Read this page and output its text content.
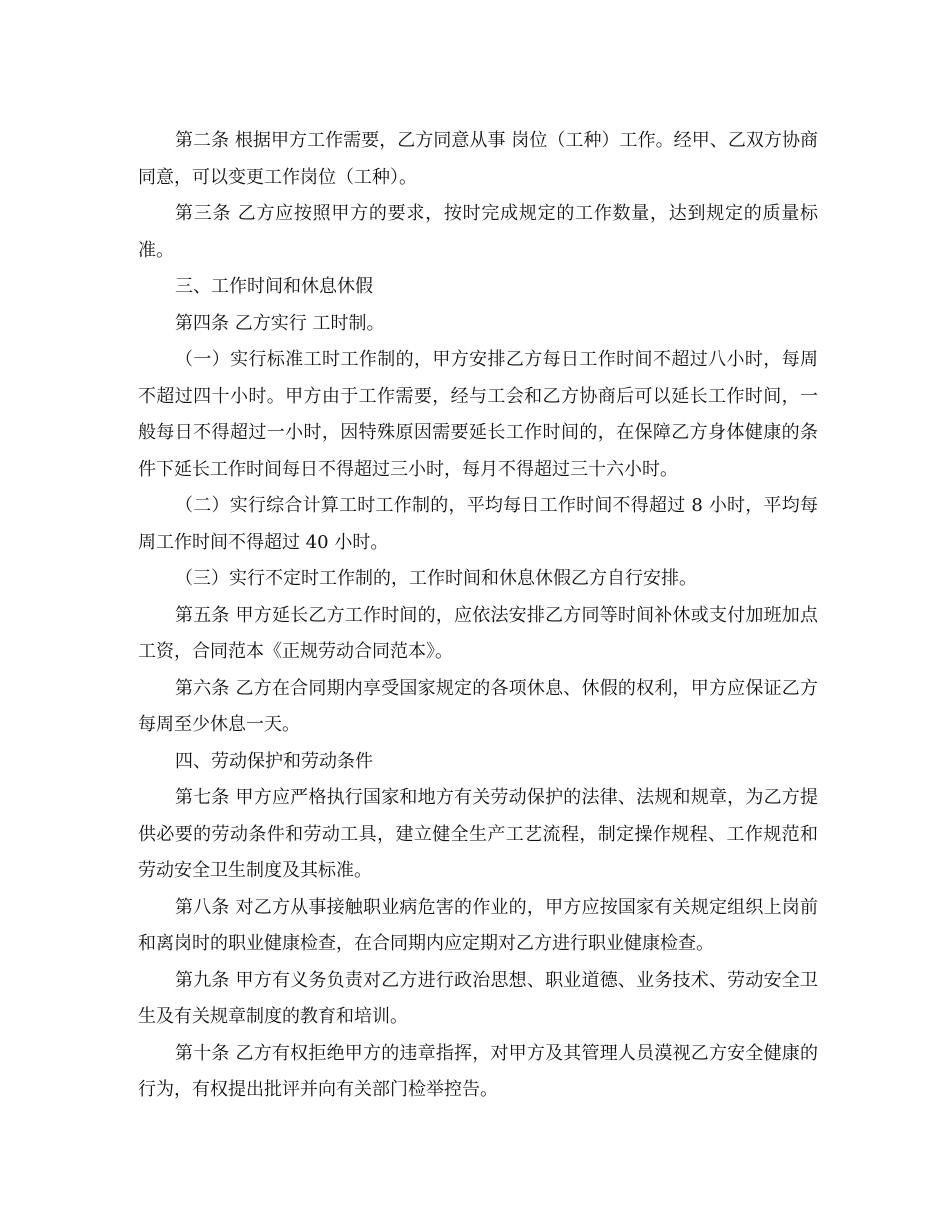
第二条 根据甲方工作需要，乙方同意从事 岗位（工种）工作。经甲、乙双方协商同意，可以变更工作岗位（工种）。

第三条 乙方应按照甲方的要求，按时完成规定的工作数量，达到规定的质量标准。

三、工作时间和休息休假

第四条 乙方实行 工时制。

（一）实行标准工时工作制的，甲方安排乙方每日工作时间不超过八小时，每周不超过四十小时。甲方由于工作需要，经与工会和乙方协商后可以延长工作时间，一般每日不得超过一小时，因特殊原因需要延长工作时间的，在保障乙方身体健康的条件下延长工作时间每日不得超过三小时，每月不得超过三十六小时。

（二）实行综合计算工时工作制的，平均每日工作时间不得超过 8 小时，平均每周工作时间不得超过 40 小时。

（三）实行不定时工作制的，工作时间和休息休假乙方自行安排。

第五条 甲方延长乙方工作时间的，应依法安排乙方同等时间补休或支付加班加点工资，合同范本《正规劳动合同范本》。

第六条 乙方在合同期内享受国家规定的各项休息、休假的权利，甲方应保证乙方每周至少休息一天。

四、劳动保护和劳动条件

第七条 甲方应严格执行国家和地方有关劳动保护的法律、法规和规章，为乙方提供必要的劳动条件和劳动工具，建立健全生产工艺流程，制定操作规程、工作规范和劳动安全卫生制度及其标准。

第八条 对乙方从事接触职业病危害的作业的，甲方应按国家有关规定组织上岗前和离岗时的职业健康检查，在合同期内应定期对乙方进行职业健康检查。

第九条 甲方有义务负责对乙方进行政治思想、职业道德、业务技术、劳动安全卫生及有关规章制度的教育和培训。

第十条 乙方有权拒绝甲方的违章指挥，对甲方及其管理人员漠视乙方安全健康的行为，有权提出批评并向有关部门检举控告。
